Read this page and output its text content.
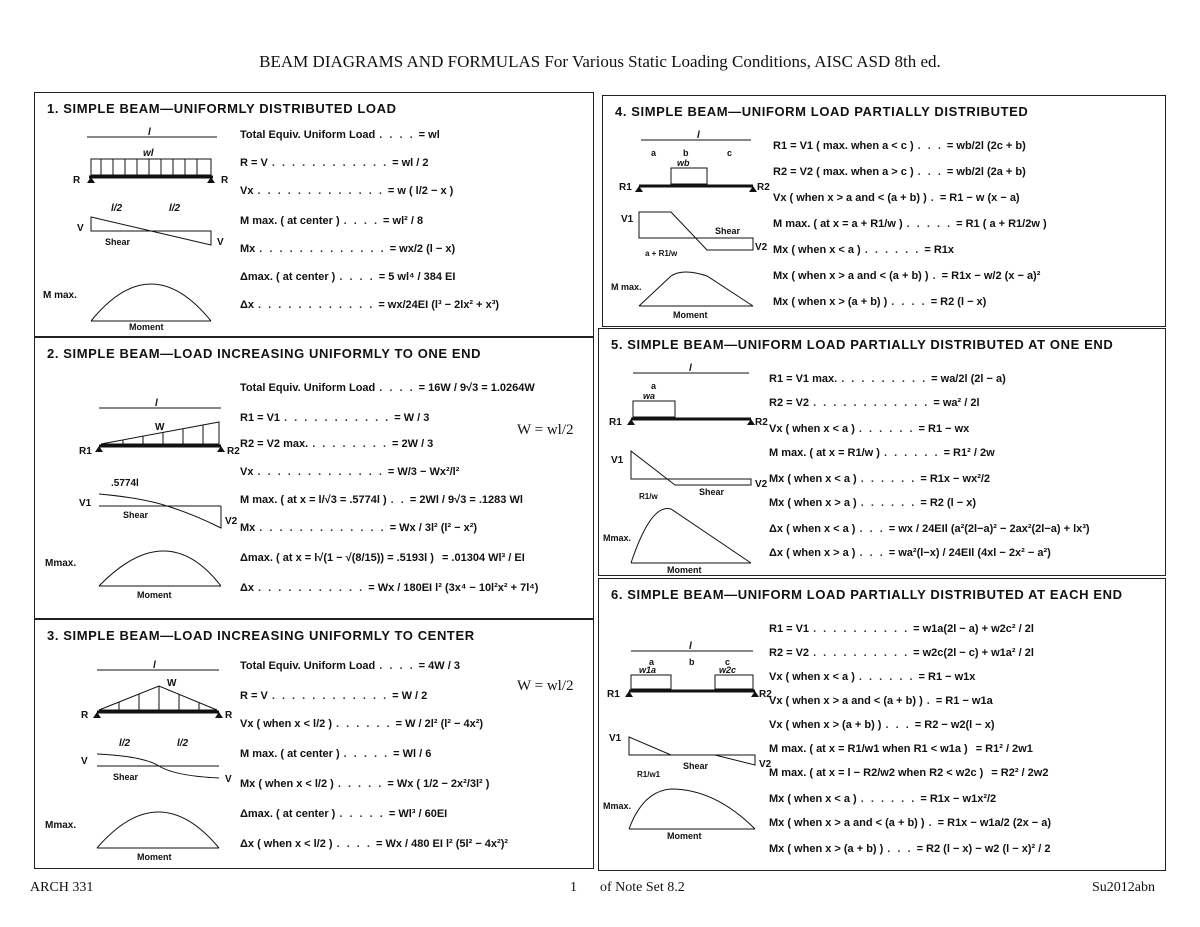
BEAM DIAGRAMS AND FORMULAS For Various Static Loading Conditions, AISC ASD 8th ed.
1. SIMPLE BEAM—UNIFORMLY DISTRIBUTED LOAD
l
wl
R	R
l/2	l/2
Shear
V
V
Moment
M max.
Total Equiv. Uniform Load . . . . = wl
R = V . . . . . . . . . . . . = wl / 2
Vx . . . . . . . . . . . . . = w ( l/2 − x )
M max. ( at center ) . . . . = wl² / 8
Mx . . . . . . . . . . . . . = wx/2 (l − x)
Δmax. ( at center ) . . . . = 5 wl⁴ / 384 EI
Δx . . . . . . . . . . . . = wx/24EI (l³ − 2lx² + x³)
2. SIMPLE BEAM—LOAD INCREASING UNIFORMLY TO ONE END
l
W
R1	R2
.5774l
Shear
V1
V2
Moment
Mmax.
Total Equiv. Uniform Load . . . . = 16W / 9√3 = 1.0264W
R1 = V1 . . . . . . . . . . . = W / 3
R2 = V2 max. . . . . . . . . = 2W / 3
Vx . . . . . . . . . . . . . = W/3 − Wx²/l²
M max. ( at x = l/√3 = .5774l ) . . = 2Wl / 9√3 = .1283 Wl
Mx . . . . . . . . . . . . . = Wx / 3l² (l² − x²)
Δmax. ( at x = l√(1 − √(8/15)) = .5193l ) = .01304 Wl³ / EI
Δx . . . . . . . . . . . = Wx / 180EI l² (3x⁴ − 10l²x² + 7l⁴)
W = wl/2
3. SIMPLE BEAM—LOAD INCREASING UNIFORMLY TO CENTER
l
W
R	R
l/2	l/2
Shear
V
V
Moment
Mmax.
Total Equiv. Uniform Load . . . . = 4W / 3
R = V . . . . . . . . . . . . = W / 2
Vx ( when x < l/2 ) . . . . . . = W / 2l² (l² − 4x²)
M max. ( at center ) . . . . . = Wl / 6
Mx ( when x < l/2 ) . . . . . = Wx ( 1/2 − 2x²/3l² )
Δmax. ( at center ) . . . . . = Wl³ / 60EI
Δx ( when x < l/2 ) . . . . = Wx / 480 EI l² (5l² − 4x²)²
W = wl/2
4. SIMPLE BEAM—UNIFORM LOAD PARTIALLY DISTRIBUTED
l
a	b	c
wb
R1	R2
Shear
V1
V2
a + R1/w
Moment
M max.
R1 = V1 ( max. when a < c ) . . . = wb/2l (2c + b)
R2 = V2 ( max. when a > c ) . . . = wb/2l (2a + b)
Vx ( when x > a and < (a + b) ) . = R1 − w (x − a)
M max. ( at x = a + R1/w ) . . . . . = R1 ( a + R1/2w )
Mx ( when x < a ) . . . . . . = R1x
Mx ( when x > a and < (a + b) ) . = R1x − w/2 (x − a)²
Mx ( when x > (a + b) ) . . . . = R2 (l − x)
5. SIMPLE BEAM—UNIFORM LOAD PARTIALLY DISTRIBUTED AT ONE END
l
a
wa
R1	R2
Shear
V1
V2
R1/w
Moment
Mmax.
R1 = V1 max. . . . . . . . . . = wa/2l (2l − a)
R2 = V2 . . . . . . . . . . . . = wa² / 2l
Vx ( when x < a ) . . . . . . = R1 − wx
M max. ( at x = R1/w ) . . . . . . = R1² / 2w
Mx ( when x < a ) . . . . . . = R1x − wx²/2
Mx ( when x > a ) . . . . . . = R2 (l − x)
Δx ( when x < a ) . . . = wx / 24EIl (a²(2l−a)² − 2ax²(2l−a) + lx³)
Δx ( when x > a ) . . . = wa²(l−x) / 24EIl (4xl − 2x² − a²)
6. SIMPLE BEAM—UNIFORM LOAD PARTIALLY DISTRIBUTED AT EACH END
l
a	b	c
w1a	w2c
R1	R2
Shear
V1
V2
R1/w1
Moment
Mmax.
R1 = V1 . . . . . . . . . . = w1a(2l − a) + w2c² / 2l
R2 = V2 . . . . . . . . . . = w2c(2l − c) + w1a² / 2l
Vx ( when x < a ) . . . . . . = R1 − w1x
Vx ( when x > a and < (a + b) ) . = R1 − w1a
Vx ( when x > (a + b) ) . . . = R2 − w2(l − x)
M max. ( at x = R1/w1 when R1 < w1a ) = R1² / 2w1
M max. ( at x = l − R2/w2 when R2 < w2c ) = R2² / 2w2
Mx ( when x < a ) . . . . . . = R1x − w1x²/2
Mx ( when x > a and < (a + b) ) . = R1x − w1a/2 (2x − a)
Mx ( when x > (a + b) ) . . . = R2 (l − x) − w2 (l − x)² / 2
ARCH 331	1 of Note Set 8.2	Su2012abn
